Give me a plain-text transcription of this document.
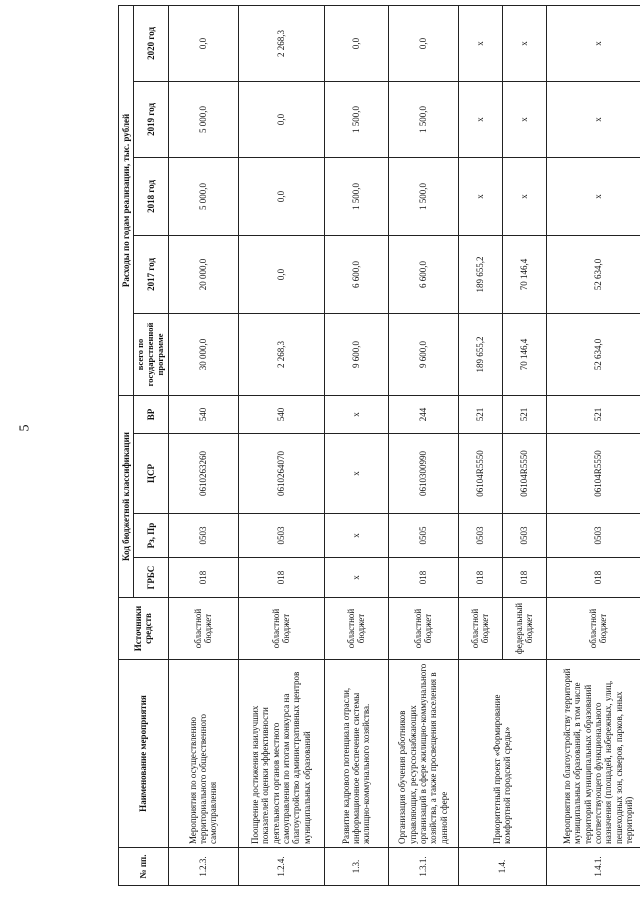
5
№ пп.	Наименование мероприятия	Источники средств	Код бюджетной классификации				Расходы по годам реализации, тыс. рублей				
			ГРБС	Рз, Пр	ЦСР	ВР	всего по государственной программе	2017 год	2018 год	2019 год	2020 год
1.2.3.	Мероприятия по осуществлению территориального общественного самоуправления	областной бюджет	018	0503	0610263260	540	30 000,0	20 000,0	5 000,0	5 000,0	0,0
1.2.4.	Поощрение достижения наилучших показателей оценки эффективности деятельности органов местного самоуправления по итогам конкурса на благоустройство административных центров муниципальных образований	областной бюджет	018	0503	0610264070	540	2 268,3	0,0	0,0	0,0	2 268,3
1.3.	Развитие кадрового потенциала отрасли, информационное обеспечение системы жилищно-коммунального хозяйства.	областной бюджет	х	х	х	х	9 600,0	6 600,0	1 500,0	1 500,0	0,0
1.3.1.	Организация обучения работников управляющих, ресурсоснабжающих организаций в сфере жилищно-коммунального хозяйства, а также просвещения населения в данной сфере	областной бюджет	018	0505	0610300990	244	9 600,0	6 600,0	1 500,0	1 500,0	0,0
1.4.	Приоритетный проект «Формирование комфортной городской среды»	областной бюджет	018	0503	06104R5550	521	189 655,2	189 655,2	х	х	х
		федеральный бюджет	018	0503	06104R5550	521	70 146,4	70 146,4	х	х	х
1.4.1.	Мероприятия по благоустройству территорий муниципальных образований, в том числе территорий муниципальных образований соответствующего функционального назначения (площадей, набережных, улиц, пешеходных зон, скверов, парков, иных территорий)	областной бюджет	018	0503	06104R5550	521	52 634,0	52 634,0	х	х	х
